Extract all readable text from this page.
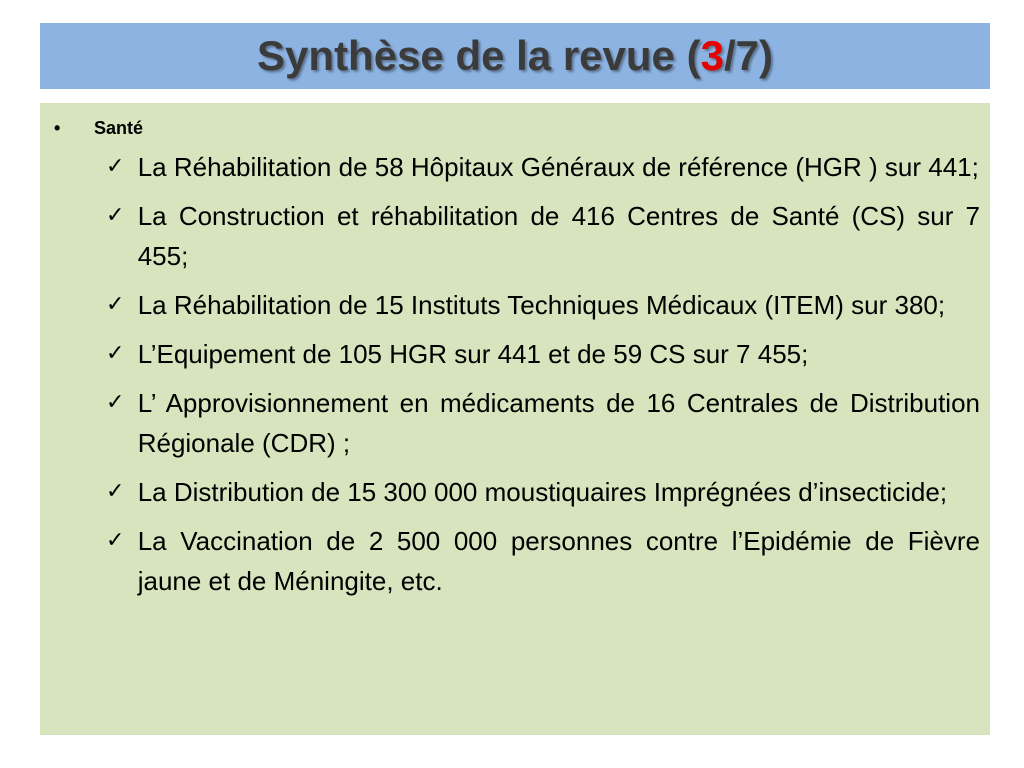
Synthèse de la revue (3/7)
•	Santé
✓ La Réhabilitation de 58 Hôpitaux Généraux de référence (HGR ) sur 441;
✓ La Construction et réhabilitation de 416 Centres de Santé (CS) sur 7 455;
✓ La Réhabilitation de 15 Instituts Techniques Médicaux (ITEM) sur 380;
✓ L’Equipement de 105 HGR sur 441 et de 59 CS sur 7 455;
✓ L’ Approvisionnement en médicaments de 16 Centrales de Distribution Régionale (CDR) ;
✓ La Distribution de 15 300 000 moustiquaires Imprégnées d’insecticide;
✓ La Vaccination de 2 500 000 personnes contre l’Epidémie de Fièvre jaune et de Méningite, etc.
